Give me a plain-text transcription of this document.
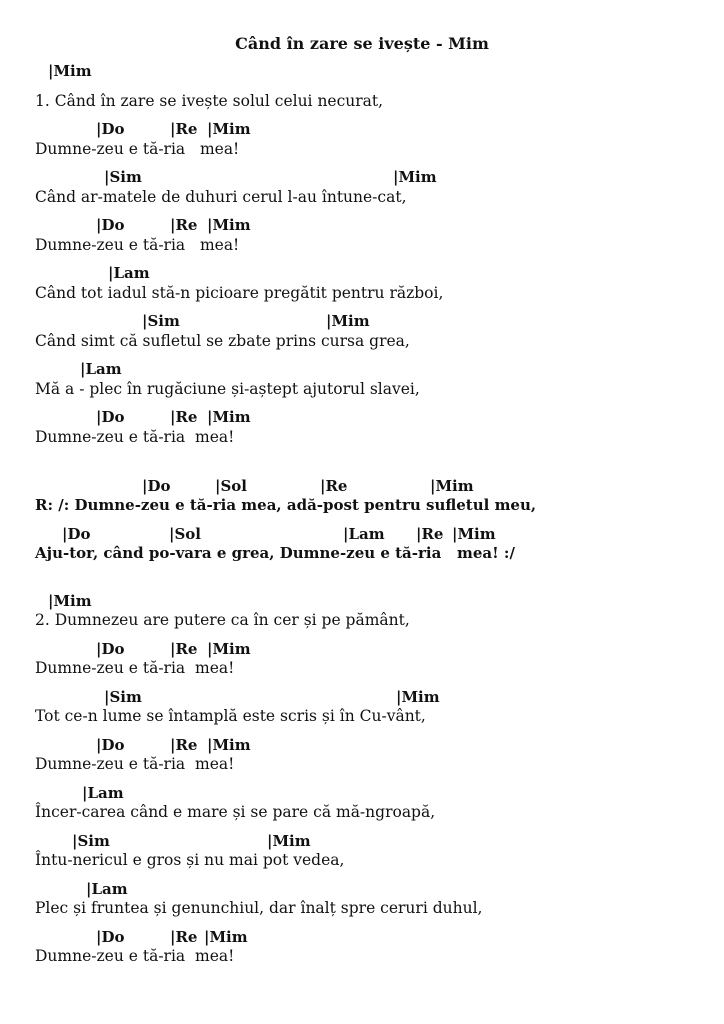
Când în zare se ivește - Mim
|Mim
1. Când în zare se ivește solul celui necurat,
|Do	|Re |Mim
Dumne-zeu e tă-ria   mea!
|Sim	|Mim
Când ar-matele de duhuri cerul l-au întune-cat,
|Do	|Re |Mim
Dumne-zeu e tă-ria   mea!
|Lam
Când tot iadul stă-n picioare pregătit pentru război,
|Sim	|Mim
Când simt că sufletul se zbate prins cursa grea,
|Lam
Mă a - plec în rugăciune și-aștept ajutorul slavei,
|Do	|Re |Mim
Dumne-zeu e tă-ria  mea!
|Do	|Sol	|Re	|Mim
R: /: Dumne-zeu e tă-ria mea, adă-post pentru sufletul meu,
|Do	|Sol	|Lam |Re |Mim
Aju-tor, când po-vara e grea, Dumne-zeu e tă-ria   mea! :/
|Mim
2. Dumnezeu are putere ca în cer și pe pământ,
|Do	|Re |Mim
Dumne-zeu e tă-ria  mea!
|Sim	|Mim
Tot ce-n lume se întamplă este scris și în Cu-vânt,
|Do	|Re |Mim
Dumne-zeu e tă-ria  mea!
|Lam
Încer-carea când e mare și se pare că mă-ngroapă,
|Sim	|Mim
Întu-nericul e gros și nu mai pot vedea,
|Lam
Plec și fruntea și genunchiul, dar înalț spre ceruri duhul,
|Do	|Re |Mim
Dumne-zeu e tă-ria  mea!
